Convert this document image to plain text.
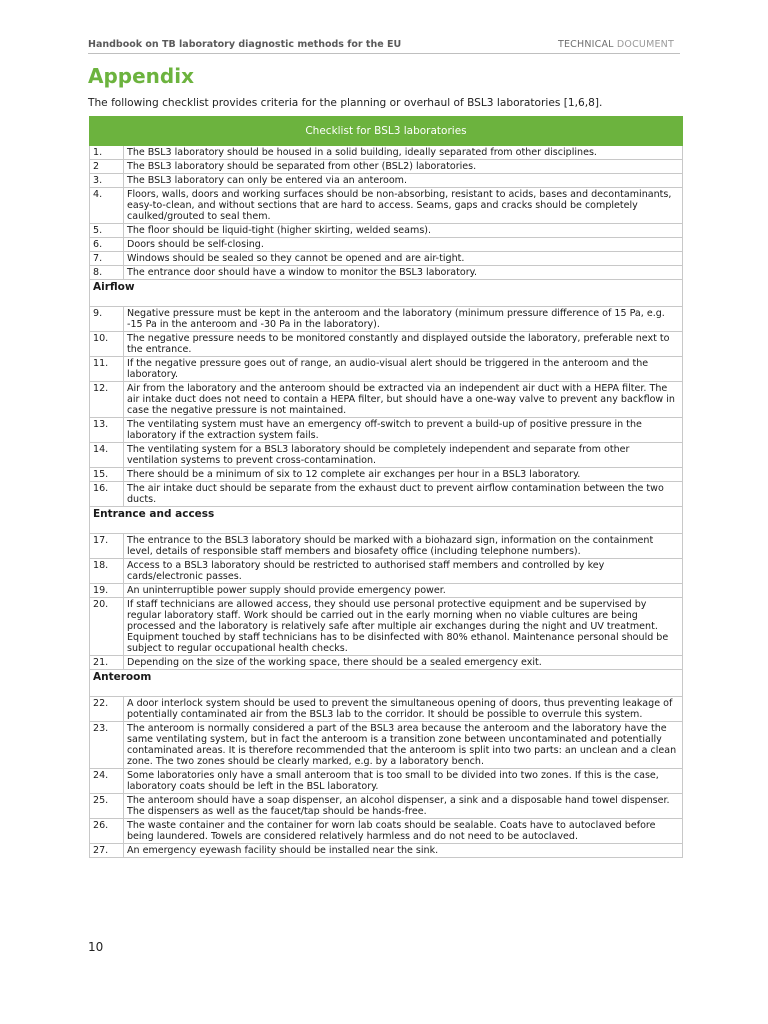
Handbook on TB laboratory diagnostic methods for the EU	TECHNICAL DOCUMENT
Appendix

The following checklist provides criteria for the planning or overhaul of BSL3 laboratories [1,6,8].

Checklist for BSL3 laboratories	
1.	The BSL3 laboratory should be housed in a solid building, ideally separated from other disciplines.
2	The BSL3 laboratory should be separated from other (BSL2) laboratories.
3.	The BSL3 laboratory can only be entered via an anteroom.
4.	Floors, walls, doors and working surfaces should be non-absorbing, resistant to acids, bases and decontaminants, easy-to-clean, and without sections that are hard to access. Seams, gaps and cracks should be completely caulked/grouted to seal them.
5.	The floor should be liquid-tight (higher skirting, welded seams).
6.	Doors should be self-closing.
7.	Windows should be sealed so they cannot be opened and are air-tight.
8.	The entrance door should have a window to monitor the BSL3 laboratory.
Airflow	
9.	Negative pressure must be kept in the anteroom and the laboratory (minimum pressure difference of 15 Pa, e.g. -15 Pa in the anteroom and -30 Pa in the laboratory).
10.	The negative pressure needs to be monitored constantly and displayed outside the laboratory, preferable next to the entrance.
11.	If the negative pressure goes out of range, an audio-visual alert should be triggered in the anteroom and the laboratory.
12.	Air from the laboratory and the anteroom should be extracted via an independent air duct with a HEPA filter. The air intake duct does not need to contain a HEPA filter, but should have a one-way valve to prevent any backflow in case the negative pressure is not maintained.
13.	The ventilating system must have an emergency off-switch to prevent a build-up of positive pressure in the laboratory if the extraction system fails.
14.	The ventilating system for a BSL3 laboratory should be completely independent and separate from other ventilation systems to prevent cross-contamination.
15.	There should be a minimum of six to 12 complete air exchanges per hour in a BSL3 laboratory.
16.	The air intake duct should be separate from the exhaust duct to prevent airflow contamination between the two ducts.
Entrance and access	
17.	The entrance to the BSL3 laboratory should be marked with a biohazard sign, information on the containment level, details of responsible staff members and biosafety office (including telephone numbers).
18.	Access to a BSL3 laboratory should be restricted to authorised staff members and controlled by key cards/electronic passes.
19.	An uninterruptible power supply should provide emergency power.
20.	If staff technicians are allowed access, they should use personal protective equipment and be supervised by regular laboratory staff. Work should be carried out in the early morning when no viable cultures are being processed and the laboratory is relatively safe after multiple air exchanges during the night and UV treatment. Equipment touched by staff technicians has to be disinfected with 80% ethanol. Maintenance personal should be subject to regular occupational health checks.
21.	Depending on the size of the working space, there should be a sealed emergency exit.
Anteroom	
22.	A door interlock system should be used to prevent the simultaneous opening of doors, thus preventing leakage of potentially contaminated air from the BSL3 lab to the corridor. It should be possible to overrule this system.
23.	The anteroom is normally considered a part of the BSL3 area because the anteroom and the laboratory have the same ventilating system, but in fact the anteroom is a transition zone between uncontaminated and potentially contaminated areas. It is therefore recommended that the anteroom is split into two parts: an unclean and a clean zone. The two zones should be clearly marked, e.g. by a laboratory bench.
24.	Some laboratories only have a small anteroom that is too small to be divided into two zones. If this is the case, laboratory coats should be left in the BSL laboratory.
25.	The anteroom should have a soap dispenser, an alcohol dispenser, a sink and a disposable hand towel dispenser. The dispensers as well as the faucet/tap should be hands-free.
26.	The waste container and the container for worn lab coats should be sealable. Coats have to autoclaved before being laundered. Towels are considered relatively harmless and do not need to be autoclaved.
27.	An emergency eyewash facility should be installed near the sink.
10
